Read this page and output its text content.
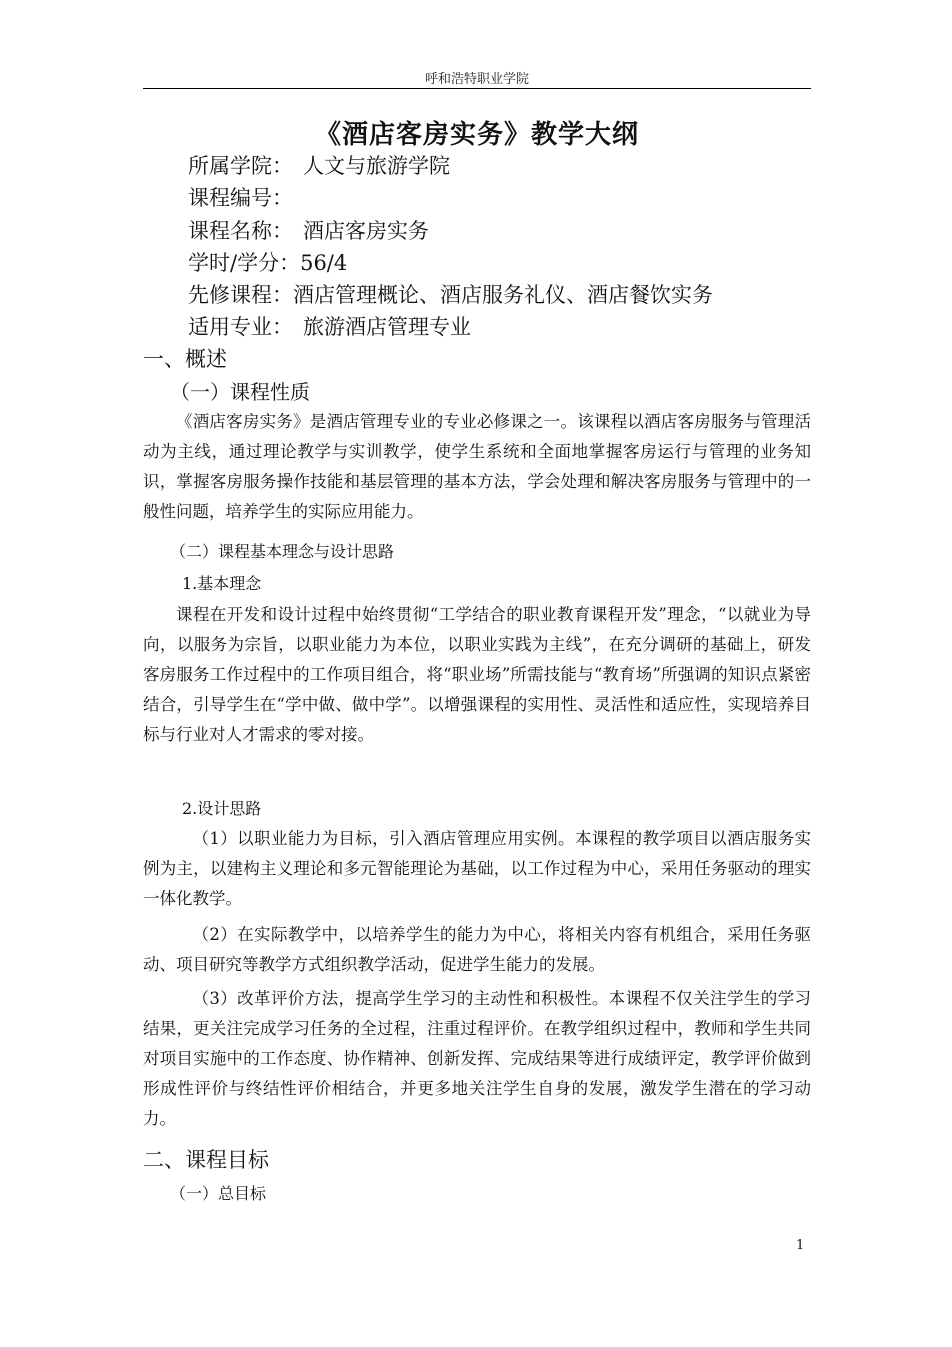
呼和浩特职业学院
《酒店客房实务》教学大纲
所属学院： 人文与旅游学院
课程编号：
课程名称： 酒店客房实务
学时/学分：56/4
先修课程：酒店管理概论、酒店服务礼仪、酒店餐饮实务
适用专业： 旅游酒店管理专业
一、概述
（一）课程性质
《酒店客房实务》是酒店管理专业的专业必修课之一。该课程以酒店客房服务与管理活动为主线，通过理论教学与实训教学，使学生系统和全面地掌握客房运行与管理的业务知识，掌握客房服务操作技能和基层管理的基本方法，学会处理和解决客房服务与管理中的一般性问题，培养学生的实际应用能力。
（二）课程基本理念与设计思路
1.基本理念
课程在开发和设计过程中始终贯彻“工学结合的职业教育课程开发”理念，“以就业为导向，以服务为宗旨，以职业能力为本位，以职业实践为主线”，在充分调研的基础上，研发客房服务工作过程中的工作项目组合，将“职业场”所需技能与“教育场”所强调的知识点紧密结合，引导学生在“学中做、做中学”。以增强课程的实用性、灵活性和适应性，实现培养目标与行业对人才需求的零对接。
2.设计思路
（1）以职业能力为目标，引入酒店管理应用实例。本课程的教学项目以酒店服务实例为主，以建构主义理论和多元智能理论为基础，以工作过程为中心，采用任务驱动的理实一体化教学。
（2）在实际教学中，以培养学生的能力为中心，将相关内容有机组合，采用任务驱动、项目研究等教学方式组织教学活动，促进学生能力的发展。
（3）改革评价方法，提高学生学习的主动性和积极性。本课程不仅关注学生的学习结果，更关注完成学习任务的全过程，注重过程评价。在教学组织过程中，教师和学生共同对项目实施中的工作态度、协作精神、创新发挥、完成结果等进行成绩评定，教学评价做到形成性评价与终结性评价相结合，并更多地关注学生自身的发展，激发学生潜在的学习动力。
二、课程目标
（一）总目标
1
